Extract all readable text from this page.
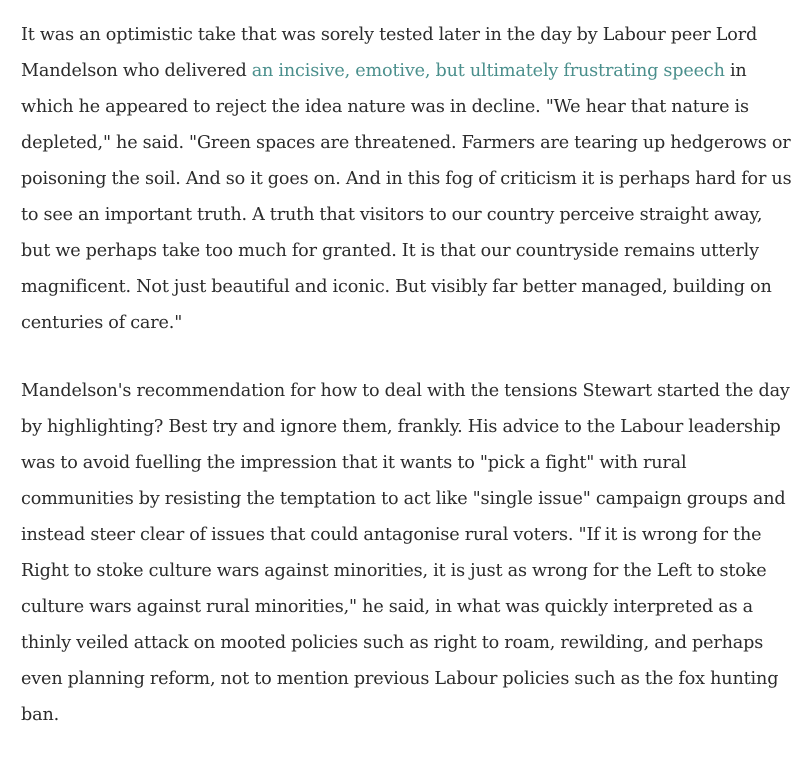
It was an optimistic take that was sorely tested later in the day by Labour peer Lord Mandelson who delivered an incisive, emotive, but ultimately frustrating speech in which he appeared to reject the idea nature was in decline. "We hear that nature is depleted," he said. "Green spaces are threatened. Farmers are tearing up hedgerows or poisoning the soil. And so it goes on. And in this fog of criticism it is perhaps hard for us to see an important truth. A truth that visitors to our country perceive straight away, but we perhaps take too much for granted. It is that our countryside remains utterly magnificent. Not just beautiful and iconic. But visibly far better managed, building on centuries of care."

Mandelson's recommendation for how to deal with the tensions Stewart started the day by highlighting? Best try and ignore them, frankly. His advice to the Labour leadership was to avoid fuelling the impression that it wants to "pick a fight" with rural communities by resisting the temptation to act like "single issue" campaign groups and instead steer clear of issues that could antagonise rural voters. "If it is wrong for the Right to stoke culture wars against minorities, it is just as wrong for the Left to stoke culture wars against rural minorities," he said, in what was quickly interpreted as a thinly veiled attack on mooted policies such as right to roam, rewilding, and perhaps even planning reform, not to mention previous Labour policies such as the fox hunting ban.
